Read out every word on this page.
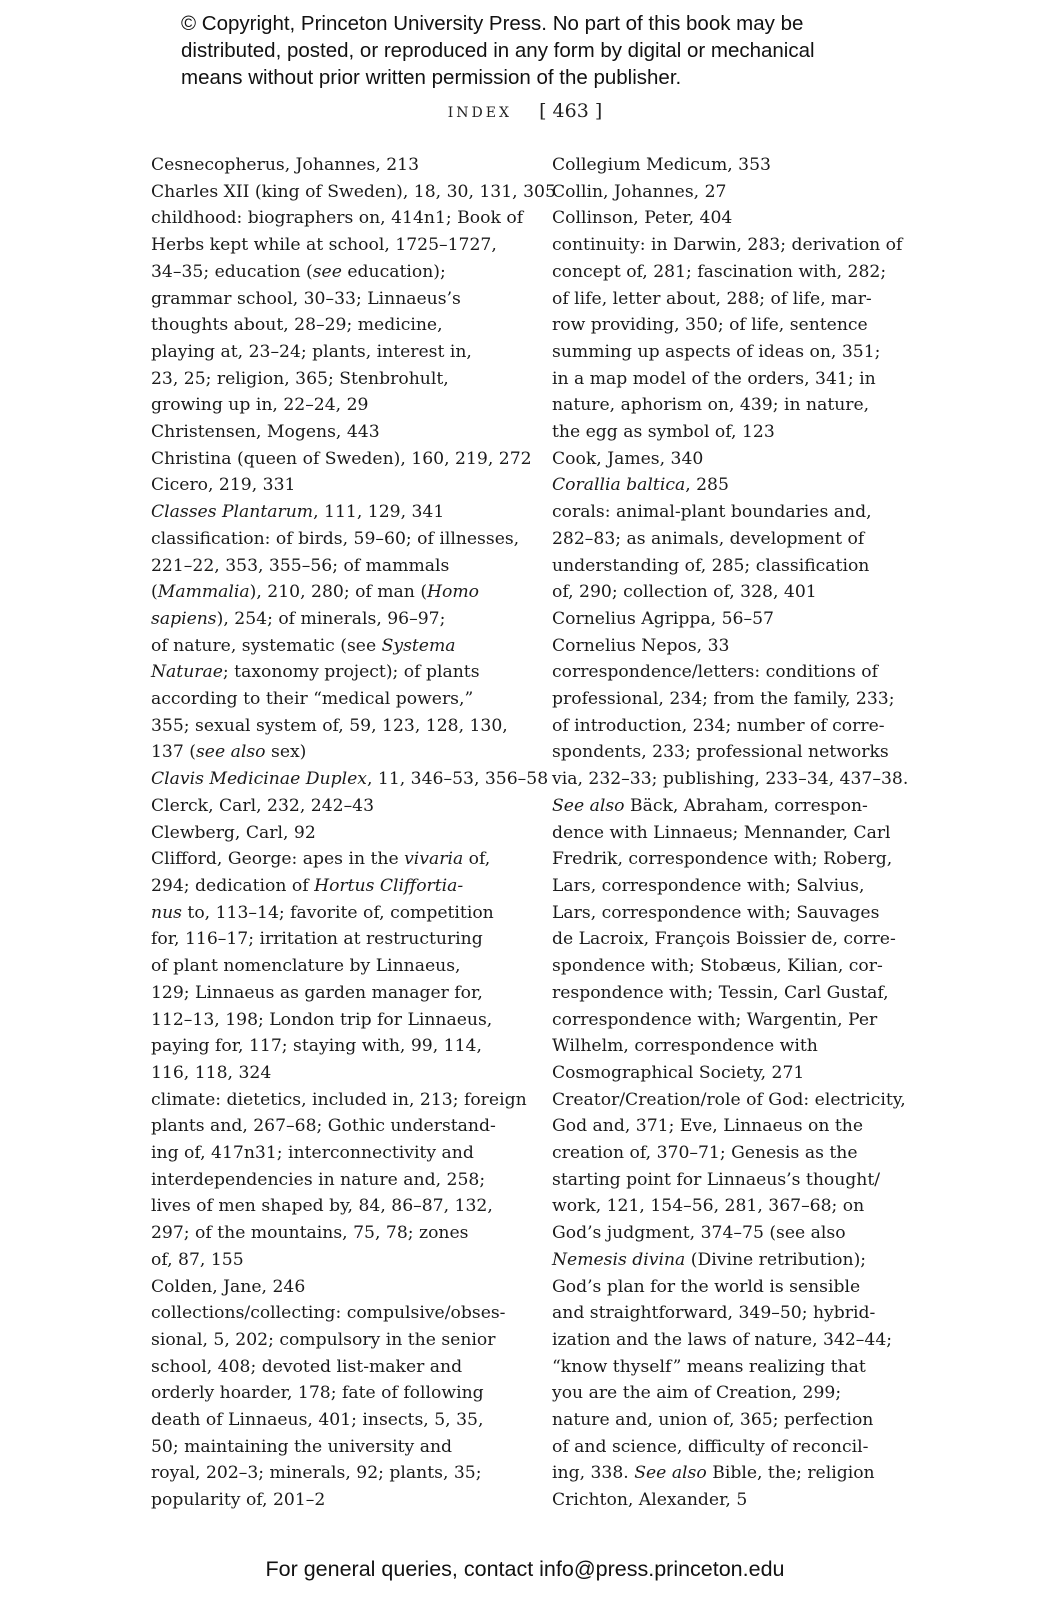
© Copyright, Princeton University Press. No part of this book may be
distributed, posted, or reproduced in any form by digital or mechanical
means without prior written permission of the publisher.
INDEX [ 463 ]

Cesnecopherus, Johannes, 213

Charles XII (king of Sweden), 18, 30, 131, 305

childhood: biographers on, 414n1; Book of
Herbs kept while at school, 1725–1727,
34–35; education (see education);
grammar school, 30–33; Linnaeus’s
thoughts about, 28–29; medicine,
playing at, 23–24; plants, interest in,
23, 25; religion, 365; Stenbrohult,
growing up in, 22–24, 29

Christensen, Mogens, 443

Christina (queen of Sweden), 160, 219, 272

Cicero, 219, 331

Classes Plantarum, 111, 129, 341

classification: of birds, 59–60; of illnesses,
221–22, 353, 355–56; of mammals
(Mammalia), 210, 280; of man (Homo
sapiens), 254; of minerals, 96–97;
of nature, systematic (see Systema
Naturae; taxonomy project); of plants
according to their “medical powers,”
355; sexual system of, 59, 123, 128, 130,
137 (see also sex)

Clavis Medicinae Duplex, 11, 346–53, 356–58

Clerck, Carl, 232, 242–43

Clewberg, Carl, 92

Clifford, George: apes in the vivaria of,
294; dedication of Hortus Cliffortia-
nus to, 113–14; favorite of, competition
for, 116–17; irritation at restructuring
of plant nomenclature by Linnaeus,
129; Linnaeus as garden manager for,
112–13, 198; London trip for Linnaeus,
paying for, 117; staying with, 99, 114,
116, 118, 324

climate: dietetics, included in, 213; foreign
plants and, 267–68; Gothic understand-
ing of, 417n31; interconnectivity and
interdependencies in nature and, 258;
lives of men shaped by, 84, 86–87, 132,
297; of the mountains, 75, 78; zones
of, 87, 155

Colden, Jane, 246

collections/collecting: compulsive/obses-
sional, 5, 202; compulsory in the senior
school, 408; devoted list-maker and
orderly hoarder, 178; fate of following
death of Linnaeus, 401; insects, 5, 35,
50; maintaining the university and
royal, 202–3; minerals, 92; plants, 35;
popularity of, 201–2

Collegium Medicum, 353

Collin, Johannes, 27

Collinson, Peter, 404

continuity: in Darwin, 283; derivation of
concept of, 281; fascination with, 282;
of life, letter about, 288; of life, mar-
row providing, 350; of life, sentence
summing up aspects of ideas on, 351;
in a map model of the orders, 341; in
nature, aphorism on, 439; in nature,
the egg as symbol of, 123

Cook, James, 340

Corallia baltica, 285

corals: animal-plant boundaries and,
282–83; as animals, development of
understanding of, 285; classification
of, 290; collection of, 328, 401

Cornelius Agrippa, 56–57

Cornelius Nepos, 33

correspondence/letters: conditions of
professional, 234; from the family, 233;
of introduction, 234; number of corre-
spondents, 233; professional networks
via, 232–33; publishing, 233–34, 437–38.
See also Bäck, Abraham, correspon-
dence with Linnaeus; Mennander, Carl
Fredrik, correspondence with; Roberg,
Lars, correspondence with; Salvius,
Lars, correspondence with; Sauvages
de Lacroix, François Boissier de, corre-
spondence with; Stobæus, Kilian, cor-
respondence with; Tessin, Carl Gustaf,
correspondence with; Wargentin, Per
Wilhelm, correspondence with

Cosmographical Society, 271

Creator/Creation/role of God: electricity,
God and, 371; Eve, Linnaeus on the
creation of, 370–71; Genesis as the
starting point for Linnaeus’s thought/
work, 121, 154–56, 281, 367–68; on
God’s judgment, 374–75 (see also
Nemesis divina (Divine retribution);
God’s plan for the world is sensible
and straightforward, 349–50; hybrid-
ization and the laws of nature, 342–44;
“know thyself” means realizing that
you are the aim of Creation, 299;
nature and, union of, 365; perfection
of and science, difficulty of reconcil-
ing, 338. See also Bible, the; religion

Crichton, Alexander, 5

For general queries, contact info@press.princeton.edu
